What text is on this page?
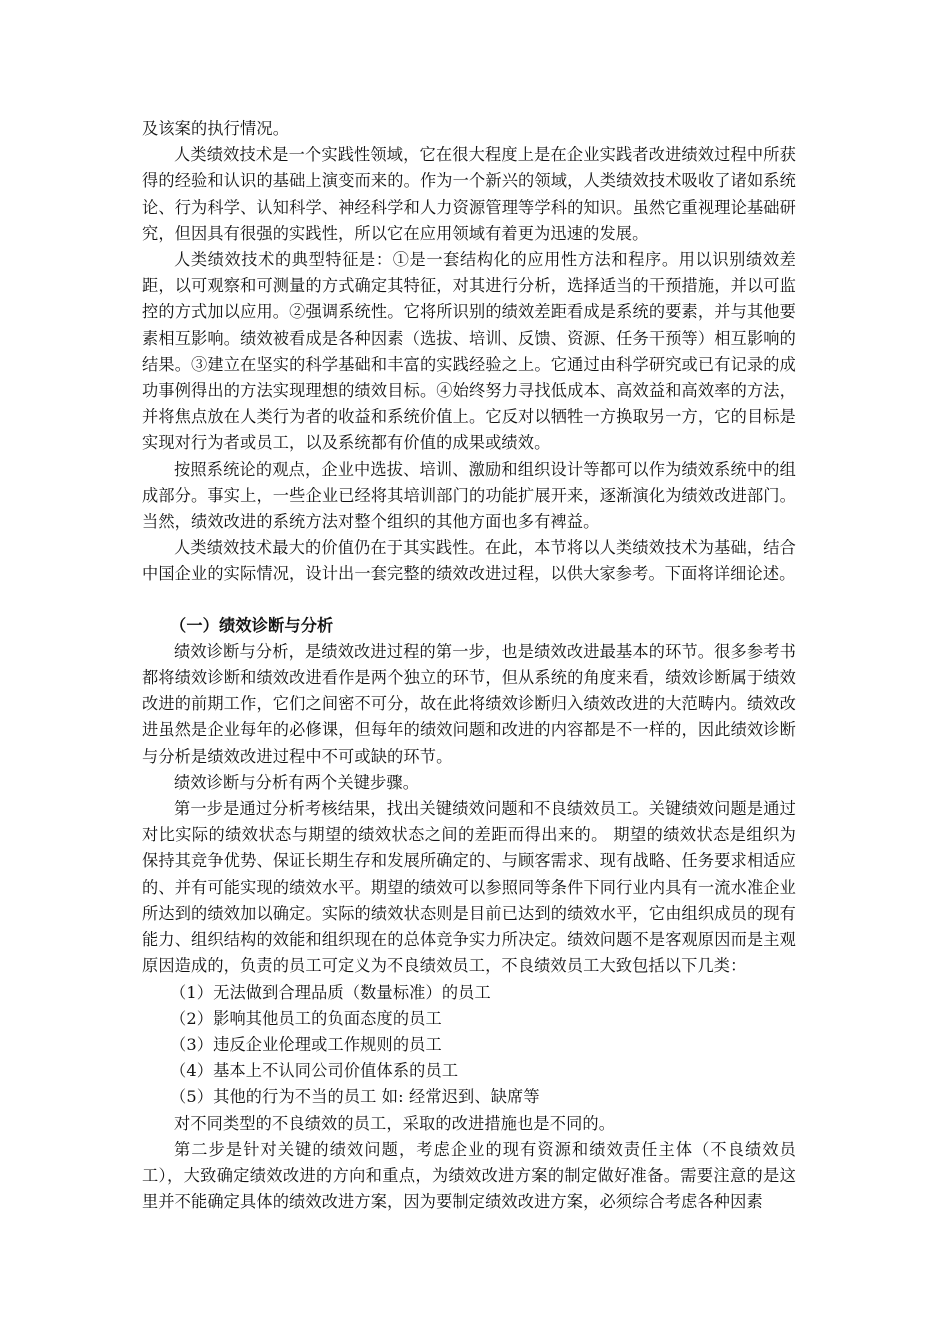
及该案的执行情况。

人类绩效技术是一个实践性领域，它在很大程度上是在企业实践者改进绩效过程中所获得的经验和认识的基础上演变而来的。作为一个新兴的领域，人类绩效技术吸收了诸如系统论、行为科学、认知科学、神经科学和人力资源管理等学科的知识。虽然它重视理论基础研究，但因具有很强的实践性，所以它在应用领域有着更为迅速的发展。

人类绩效技术的典型特征是：①是一套结构化的应用性方法和程序。用以识别绩效差距，以可观察和可测量的方式确定其特征，对其进行分析，选择适当的干预措施，并以可监控的方式加以应用。②强调系统性。它将所识别的绩效差距看成是系统的要素，并与其他要素相互影响。绩效被看成是各种因素（选拔、培训、反馈、资源、任务干预等）相互影响的结果。③建立在坚实的科学基础和丰富的实践经验之上。它通过由科学研究或已有记录的成功事例得出的方法实现理想的绩效目标。④始终努力寻找低成本、高效益和高效率的方法，并将焦点放在人类行为者的收益和系统价值上。它反对以牺牲一方换取另一方，它的目标是实现对行为者或员工，以及系统都有价值的成果或绩效。

按照系统论的观点，企业中选拔、培训、激励和组织设计等都可以作为绩效系统中的组成部分。事实上，一些企业已经将其培训部门的功能扩展开来，逐渐演化为绩效改进部门。当然，绩效改进的系统方法对整个组织的其他方面也多有裨益。

人类绩效技术最大的价值仍在于其实践性。在此，本节将以人类绩效技术为基础，结合中国企业的实际情况，设计出一套完整的绩效改进过程，以供大家参考。下面将详细论述。

（一）绩效诊断与分析

绩效诊断与分析，是绩效改进过程的第一步，也是绩效改进最基本的环节。很多参考书都将绩效诊断和绩效改进看作是两个独立的环节，但从系统的角度来看，绩效诊断属于绩效改进的前期工作，它们之间密不可分，故在此将绩效诊断归入绩效改进的大范畴内。绩效改进虽然是企业每年的必修课，但每年的绩效问题和改进的内容都是不一样的，因此绩效诊断与分析是绩效改进过程中不可或缺的环节。

绩效诊断与分析有两个关键步骤。

第一步是通过分析考核结果，找出关键绩效问题和不良绩效员工。关键绩效问题是通过对比实际的绩效状态与期望的绩效状态之间的差距而得出来的。 期望的绩效状态是组织为保持其竞争优势、保证长期生存和发展所确定的、与顾客需求、现有战略、任务要求相适应的、并有可能实现的绩效水平。期望的绩效可以参照同等条件下同行业内具有一流水准企业所达到的绩效加以确定。实际的绩效状态则是目前已达到的绩效水平，它由组织成员的现有能力、组织结构的效能和组织现在的总体竞争实力所决定。绩效问题不是客观原因而是主观原因造成的，负责的员工可定义为不良绩效员工，不良绩效员工大致包括以下几类：

（1）无法做到合理品质（数量标准）的员工

（2）影响其他员工的负面态度的员工

（3）违反企业伦理或工作规则的员工

（4）基本上不认同公司价值体系的员工

（5）其他的行为不当的员工 如: 经常迟到、缺席等

对不同类型的不良绩效的员工，采取的改进措施也是不同的。

第二步是针对关键的绩效问题，考虑企业的现有资源和绩效责任主体（不良绩效员工），大致确定绩效改进的方向和重点，为绩效改进方案的制定做好准备。需要注意的是这里并不能确定具体的绩效改进方案，因为要制定绩效改进方案，必须综合考虑各种因素
